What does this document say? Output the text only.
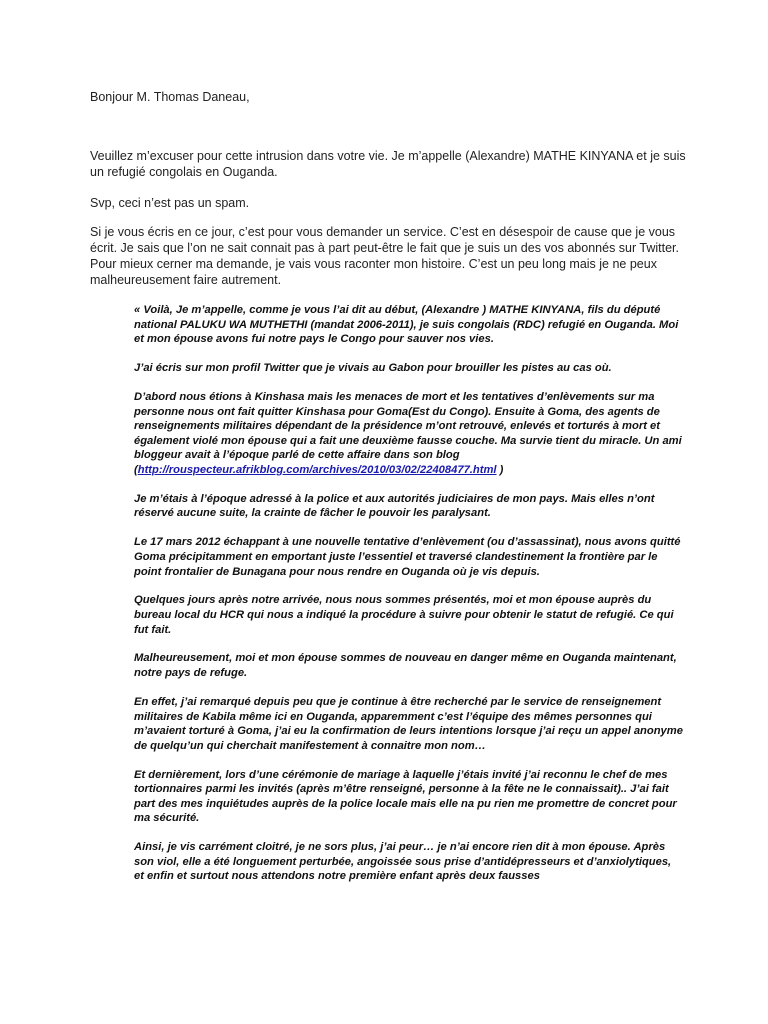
Bonjour M. Thomas Daneau,

Veuillez m’excuser pour cette intrusion dans votre vie. Je m’appelle (Alexandre) MATHE KINYANA et je suis un refugié congolais en Ouganda.

Svp, ceci n’est pas un spam.

Si je vous écris en ce jour, c’est pour vous demander un service. C’est en désespoir de cause que je vous écrit. Je sais que l’on ne sait connait pas à part peut-être le fait que je suis un des vos abonnés sur Twitter. Pour mieux cerner ma demande, je vais vous raconter mon histoire. C’est un peu long mais je ne peux malheureusement faire autrement.

« Voilà, Je m’appelle, comme je vous l’ai dit au début, (Alexandre ) MATHE KINYANA, fils du député national PALUKU WA MUTHETHI (mandat 2006-2011), je suis congolais (RDC) refugié en Ouganda. Moi et mon épouse avons fui notre pays le Congo pour sauver nos vies.

J’ai écris sur mon profil Twitter que je vivais au Gabon pour brouiller les pistes au cas où.

D’abord nous étions à Kinshasa mais les menaces de mort et les tentatives d’enlèvements sur ma personne nous ont fait quitter Kinshasa pour Goma(Est du Congo). Ensuite à Goma, des agents de renseignements militaires dépendant de la présidence m’ont retrouvé, enlevés et torturés à mort et également violé mon épouse qui a fait une deuxième fausse couche. Ma survie tient du miracle. Un ami bloggeur avait à l’époque parlé de cette affaire dans son blog (http://rouspecteur.afrikblog.com/archives/2010/03/02/22408477.html )

Je m’étais à l’époque adressé à la police et aux autorités judiciaires de mon pays. Mais elles n’ont réservé aucune suite, la crainte de fâcher le pouvoir les paralysant.

Le 17 mars 2012 échappant à une nouvelle tentative d’enlèvement (ou d’assassinat), nous avons quitté Goma précipitamment en emportant juste l’essentiel et traversé clandestinement la frontière par le point frontalier de Bunagana pour nous rendre en Ouganda où je vis depuis.

Quelques jours après notre arrivée, nous nous sommes présentés, moi et mon épouse auprès du bureau local du HCR qui nous a indiqué la procédure à suivre pour obtenir le statut de refugié. Ce qui fut fait.

Malheureusement, moi et mon épouse sommes de nouveau en danger même en Ouganda maintenant, notre pays de refuge.

En effet, j’ai remarqué depuis peu que je continue à être recherché par le service de renseignement militaires de Kabila même ici en Ouganda, apparemment c’est l’équipe des mêmes personnes qui m’avaient torturé à Goma, j’ai eu la confirmation de leurs intentions lorsque j’ai reçu un appel anonyme de quelqu’un qui cherchait manifestement à connaitre mon nom…

Et dernièrement, lors d’une cérémonie de mariage à laquelle j’étais invité j’ai reconnu le chef de mes tortionnaires parmi les invités (après m’être renseigné, personne à la fête ne le connaissait).. J’ai fait part des mes inquiétudes auprès de la police locale mais elle na pu rien me promettre de concret pour ma sécurité.

Ainsi, je vis carrément cloitré, je ne sors plus, j’ai peur… je n’ai encore rien dit à mon épouse. Après son viol, elle a été longuement perturbée, angoissée sous prise d’antidépresseurs et d’anxiolytiques, et enfin et surtout nous attendons notre première enfant après deux fausses
